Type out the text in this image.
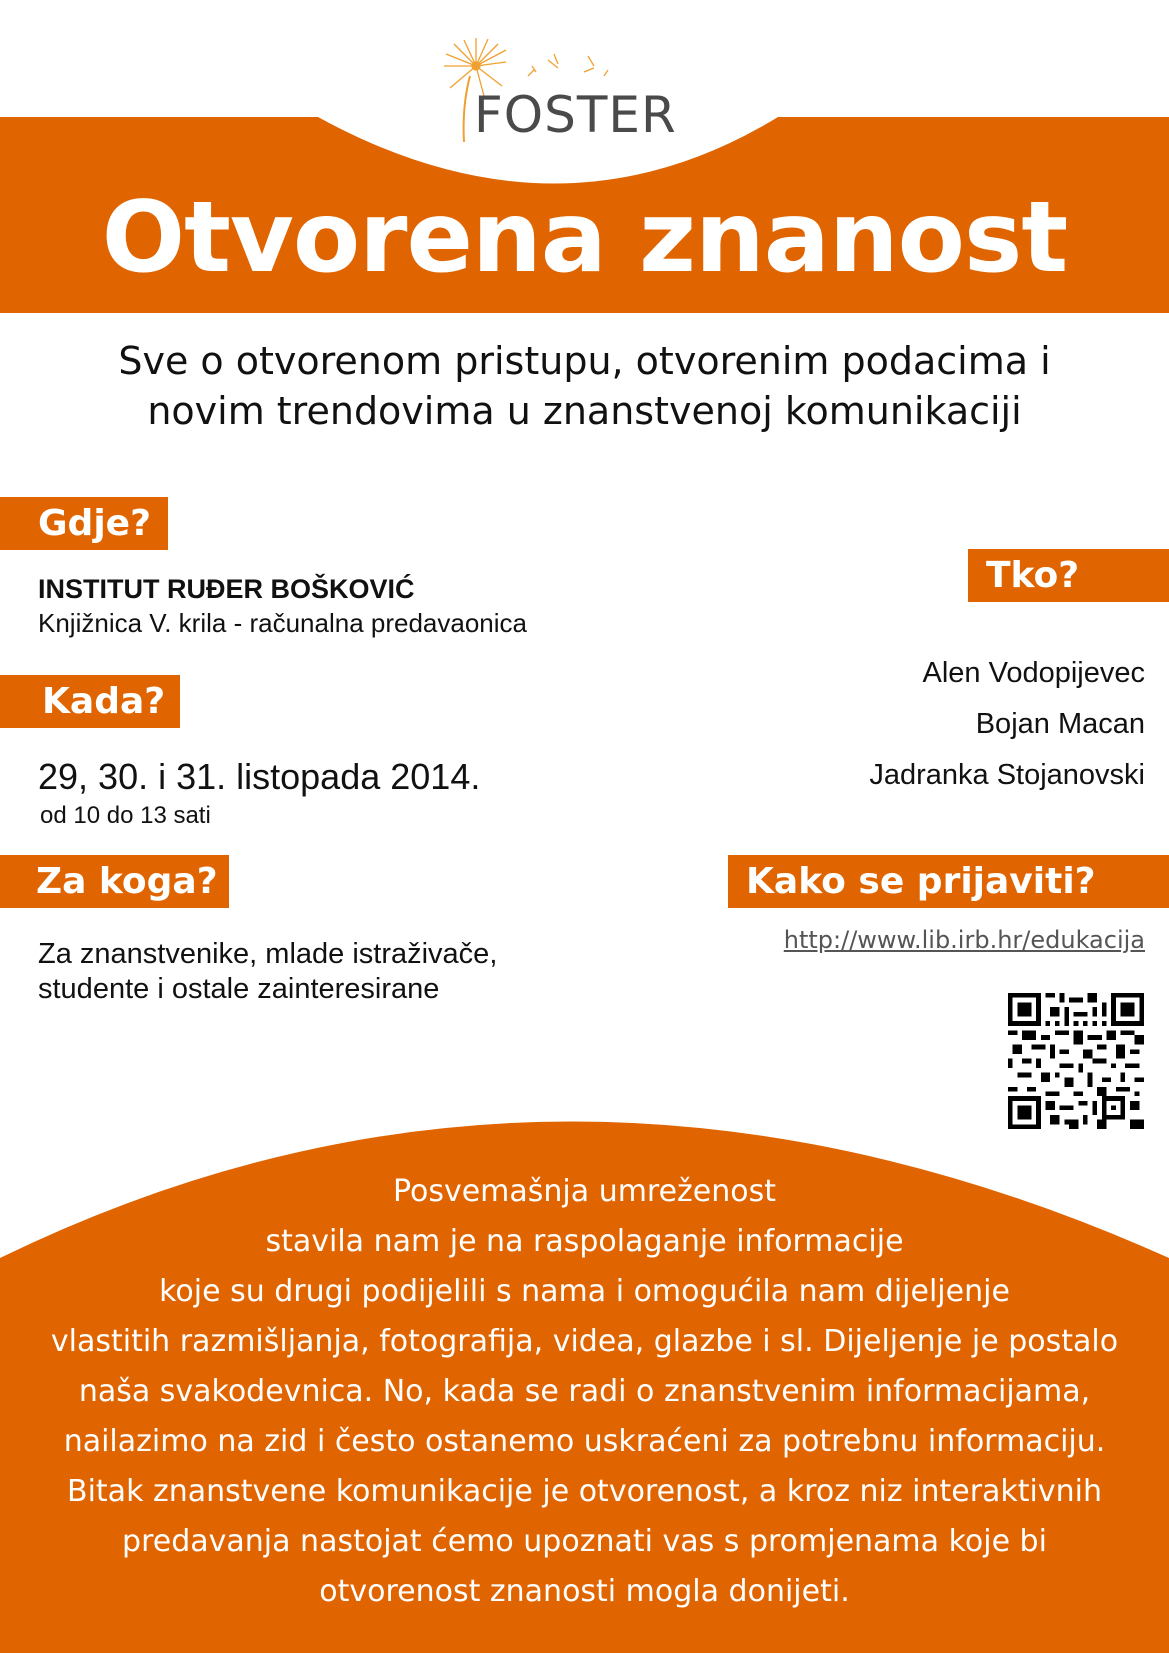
FOSTER
Otvorena znanost
Sve o otvorenom pristupu, otvorenim podacima i
novim trendovima u znanstvenoj komunikaciji
Gdje?
INSTITUT RUĐER BOŠKOVIĆ
Knjižnica V. krila - računalna predavaonica
Kada?
29, 30. i 31. listopada 2014.
od 10 do 13 sati
Za koga?
Za znanstvenike, mlade istraživače,
studente i ostale zainteresirane
Tko?
Alen Vodopijevec
Bojan Macan
Jadranka Stojanovski
Kako se prijaviti?
http://www.lib.irb.hr/edukacija
Posvemašnja umreženost
stavila nam je na raspolaganje informacije
koje su drugi podijelili s nama i omogućila nam dijeljenje
vlastitih razmišljanja, fotografija, videa, glazbe i sl. Dijeljenje je postalo
naša svakodevnica. No, kada se radi o znanstvenim informacijama,
nailazimo na zid i često ostanemo uskraćeni za potrebnu informaciju.
Bitak znanstvene komunikacije je otvorenost, a kroz niz interaktivnih
predavanja nastojat ćemo upoznati vas s promjenama koje bi
otvorenost znanosti mogla donijeti.
